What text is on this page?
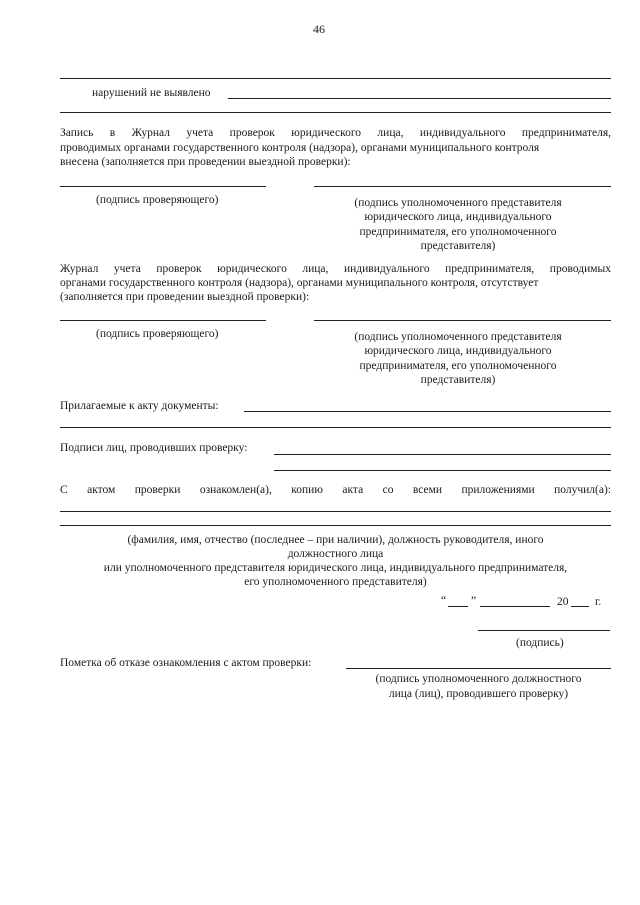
46
нарушений не выявлено
Запись в Журнал учета проверок юридического лица, индивидуального предпринимателя,
проводимых органами государственного контроля (надзора), органами муниципального контроля
внесена (заполняется при проведении выездной проверки):
(подпись проверяющего)	(подпись уполномоченного представителя
юридического лица, индивидуального
предпринимателя, его уполномоченного
представителя)
Журнал учета проверок юридического лица, индивидуального предпринимателя, проводимых
органами государственного контроля (надзора), органами муниципального контроля, отсутствует
(заполняется при проведении выездной проверки):
(подпись проверяющего)	(подпись уполномоченного представителя
юридического лица, индивидуального
предпринимателя, его уполномоченного
представителя)
Прилагаемые к акту документы:
Подписи лиц, проводивших проверку:
С актом проверки ознакомлен(а), копию акта со всеми приложениями получил(а):
(фамилия, имя, отчество (последнее – при наличии), должность руководителя, иного
должностного лица
или уполномоченного представителя юридического лица, индивидуального предпринимателя,
его уполномоченного представителя)
“ ”	20 г.
(подпись)
Пометка об отказе ознакомления с актом проверки:
(подпись уполномоченного должностного
лица (лиц), проводившего проверку)
